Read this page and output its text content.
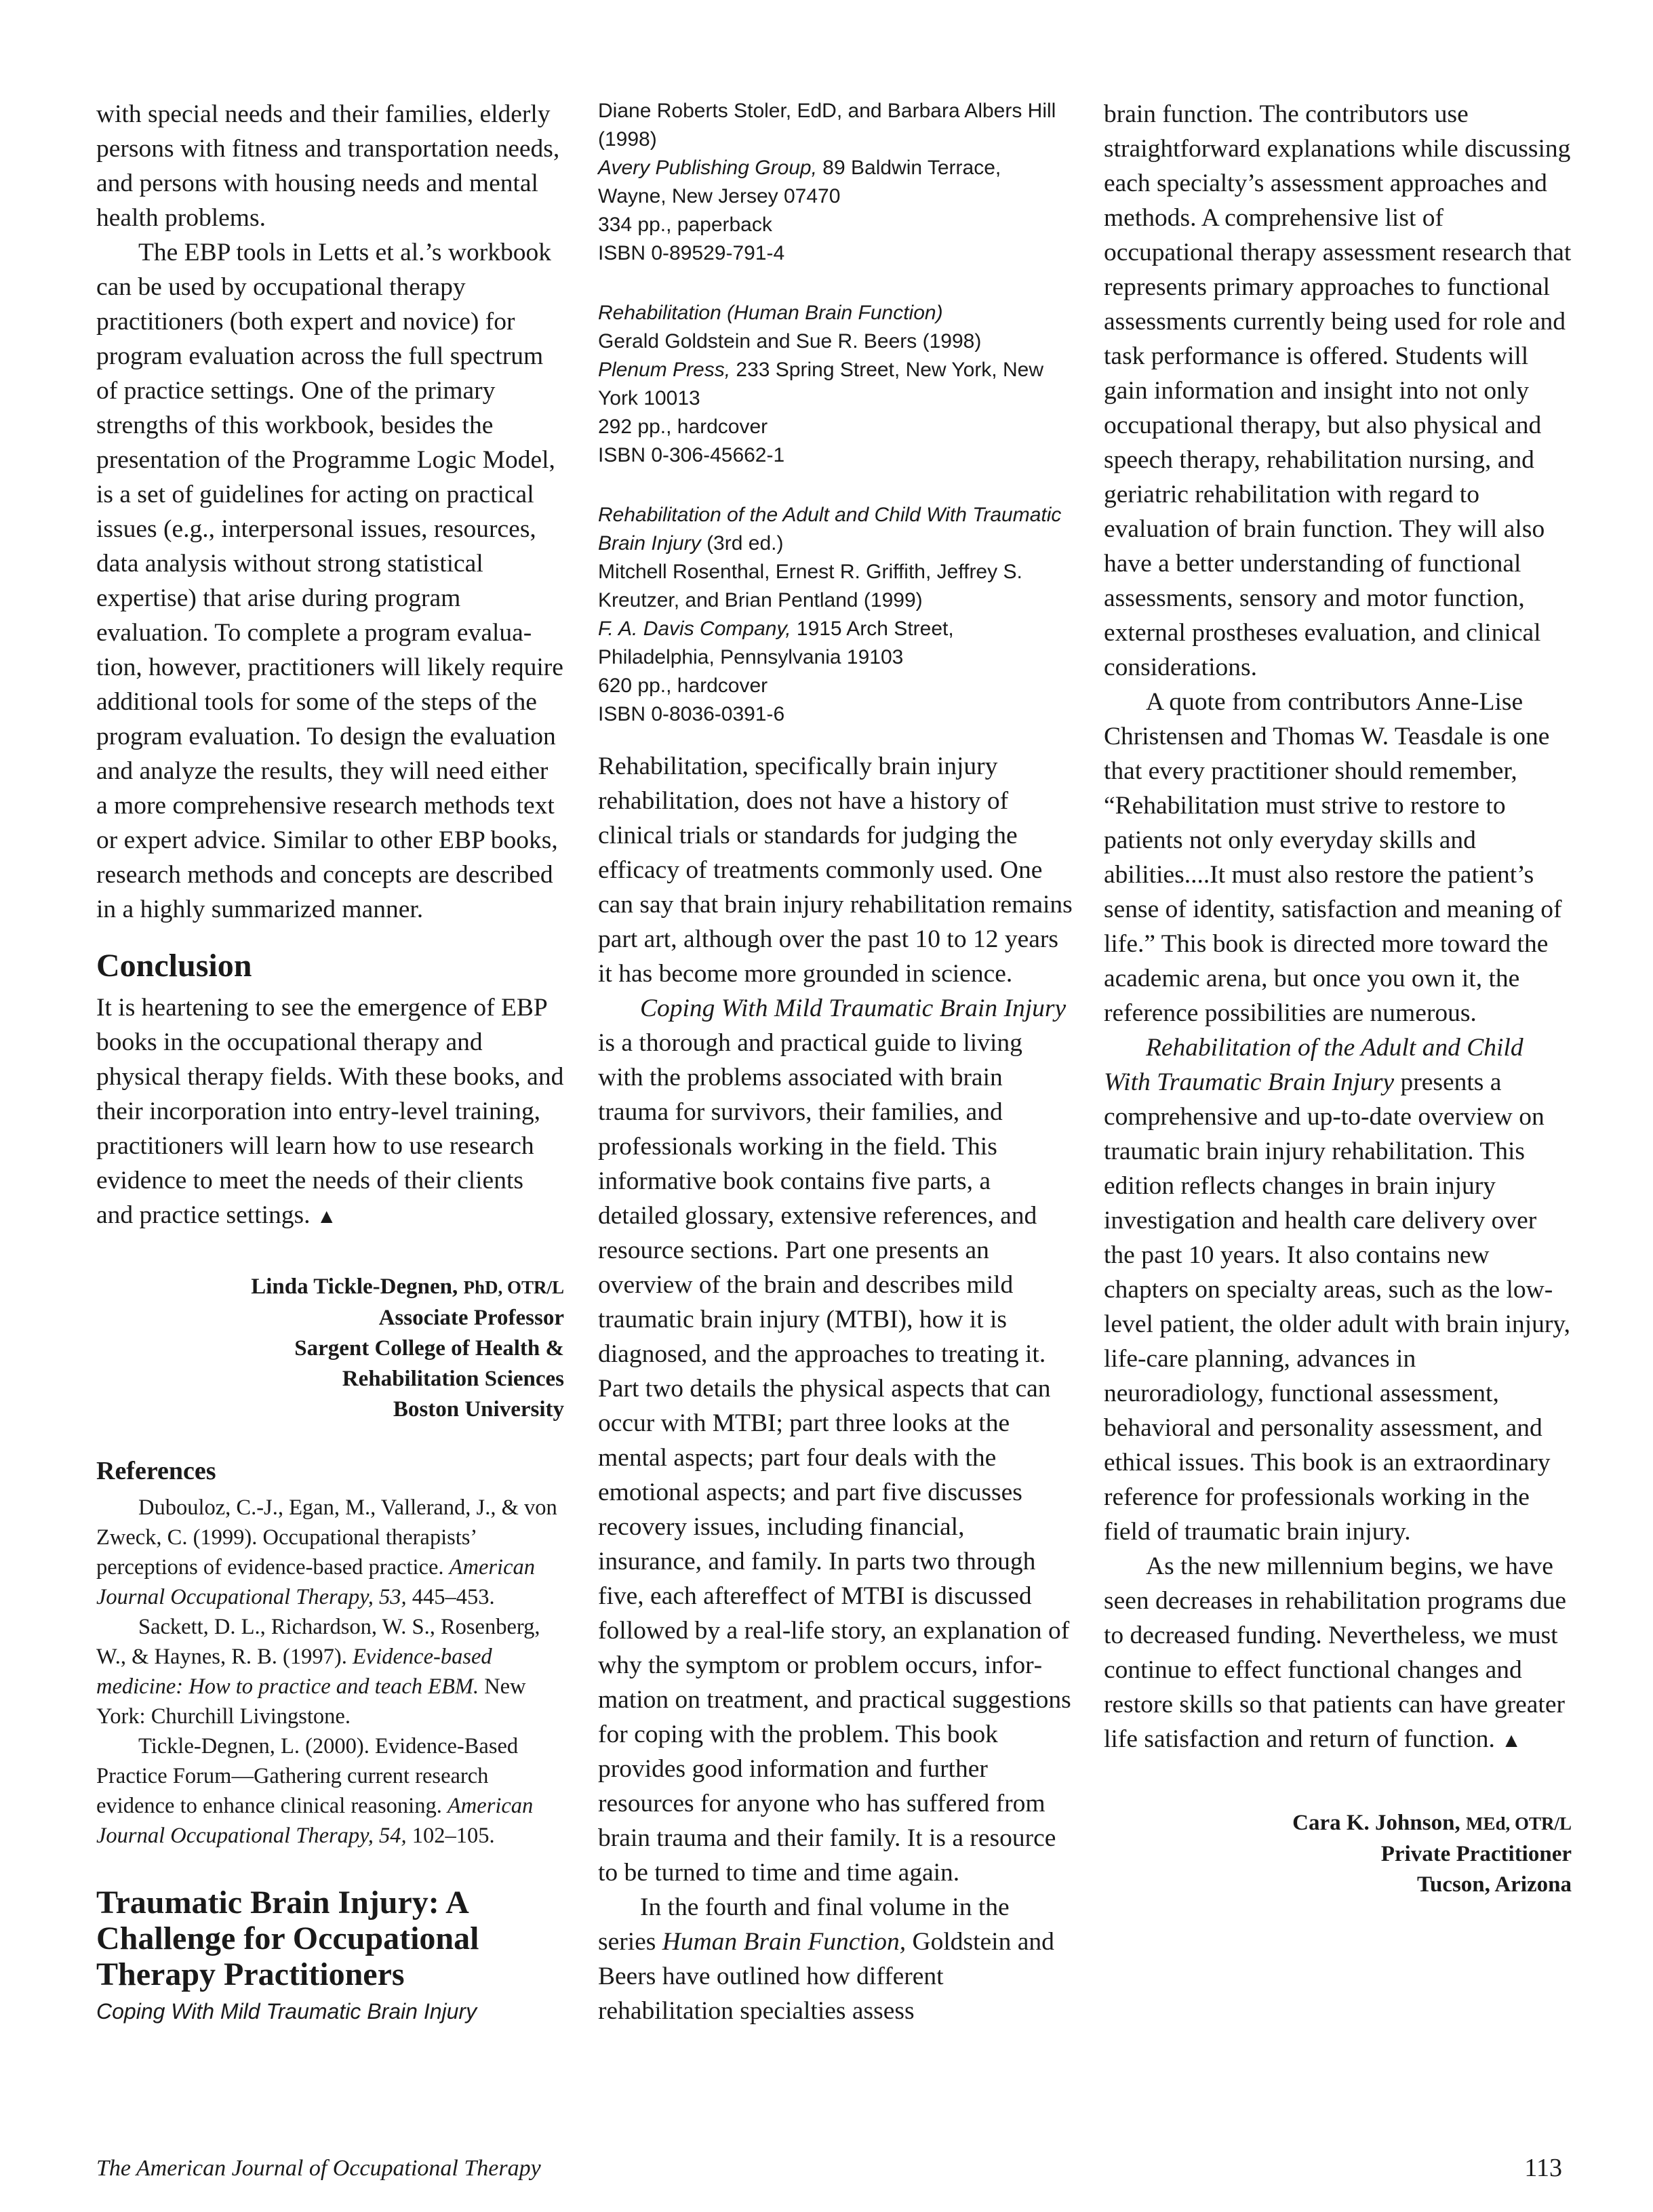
with special needs and their families, elderly persons with fitness and transportation needs, and persons with housing needs and mental health problems.

The EBP tools in Letts et al.’s workbook can be used by occupational therapy practitioners (both expert and novice) for program evaluation across the full spectrum of practice settings. One of the primary strengths of this workbook, besides the presentation of the Programme Logic Model, is a set of guidelines for acting on practical issues (e.g., interpersonal issues, resources, data analysis without strong statistical expertise) that arise during program evaluation. To complete a program evaluation, however, practitioners will likely require additional tools for some of the steps of the program evaluation. To design the evaluation and analyze the results, they will need either a more comprehensive research methods text or expert advice. Similar to other EBP books, research methods and concepts are described in a highly summarized manner.

Conclusion

It is heartening to see the emergence of EBP books in the occupational therapy and physical therapy fields. With these books, and their incorporation into entry-level training, practitioners will learn how to use research evidence to meet the needs of their clients and practice settings. ▲

Linda Tickle-Degnen, PhD, OTR/L
Associate Professor
Sargent College of Health &
Rehabilitation Sciences
Boston University
References

Dubouloz, C.-J., Egan, M., Vallerand, J., & von Zweck, C. (1999). Occupational therapists’ perceptions of evidence-based practice. American Journal Occupational Therapy, 53, 445–453.

Sackett, D. L., Richardson, W. S., Rosenberg, W., & Haynes, R. B. (1997). Evidence-based medicine: How to practice and teach EBM. New York: Churchill Livingstone.

Tickle-Degnen, L. (2000). Evidence-Based Practice Forum—Gathering current research evidence to enhance clinical reasoning. American Journal Occupational Therapy, 54, 102–105.

Traumatic Brain Injury: A Challenge for Occupational Therapy Practitioners
Coping With Mild Traumatic Brain Injury
Diane Roberts Stoler, EdD, and Barbara Albers Hill (1998)
Avery Publishing Group, 89 Baldwin Terrace, Wayne, New Jersey 07470
334 pp., paperback
ISBN 0-89529-791-4
Rehabilitation (Human Brain Function)
Gerald Goldstein and Sue R. Beers (1998)
Plenum Press, 233 Spring Street, New York, New York 10013
292 pp., hardcover
ISBN 0-306-45662-1
Rehabilitation of the Adult and Child With Traumatic Brain Injury (3rd ed.)
Mitchell Rosenthal, Ernest R. Griffith, Jeffrey S. Kreutzer, and Brian Pentland (1999)
F. A. Davis Company, 1915 Arch Street, Philadelphia, Pennsylvania 19103
620 pp., hardcover
ISBN 0-8036-0391-6

Rehabilitation, specifically brain injury rehabilitation, does not have a history of clinical trials or standards for judging the efficacy of treatments commonly used. One can say that brain injury rehabilitation remains part art, although over the past 10 to 12 years it has become more grounded in science.

Coping With Mild Traumatic Brain Injury is a thorough and practical guide to living with the problems associated with brain trauma for survivors, their families, and professionals working in the field. This informative book contains five parts, a detailed glossary, extensive references, and resource sections. Part one presents an overview of the brain and describes mild traumatic brain injury (MTBI), how it is diagnosed, and the approaches to treating it. Part two details the physical aspects that can occur with MTBI; part three looks at the mental aspects; part four deals with the emotional aspects; and part five discusses recovery issues, including financial, insurance, and family. In parts two through five, each aftereffect of MTBI is discussed followed by a real-life story, an explanation of why the symptom or problem occurs, information on treatment, and practical suggestions for coping with the problem. This book provides good information and further resources for anyone who has suffered from brain trauma and their family. It is a resource to be turned to time and time again.

In the fourth and final volume in the series Human Brain Function, Goldstein and Beers have outlined how different rehabilitation specialties assess

brain function. The contributors use straightforward explanations while discussing each specialty’s assessment approaches and methods. A comprehensive list of occupational therapy assessment research that represents primary approaches to functional assessments currently being used for role and task performance is offered. Students will gain information and insight into not only occupational therapy, but also physical and speech therapy, rehabilitation nursing, and geriatric rehabilitation with regard to evaluation of brain function. They will also have a better understanding of functional assessments, sensory and motor function, external prostheses evaluation, and clinical considerations.

A quote from contributors Anne-Lise Christensen and Thomas W. Teasdale is one that every practitioner should remember, “Rehabilitation must strive to restore to patients not only everyday skills and abilities....It must also restore the patient’s sense of identity, satisfaction and meaning of life.” This book is directed more toward the academic arena, but once you own it, the reference possibilities are numerous.

Rehabilitation of the Adult and Child With Traumatic Brain Injury presents a comprehensive and up-to-date overview on traumatic brain injury rehabilitation. This edition reflects changes in brain injury investigation and health care delivery over the past 10 years. It also contains new chapters on specialty areas, such as the low-level patient, the older adult with brain injury, life-care planning, advances in neuroradiology, functional assessment, behavioral and personality assessment, and ethical issues. This book is an extraordinary reference for professionals working in the field of traumatic brain injury.

As the new millennium begins, we have seen decreases in rehabilitation programs due to decreased funding. Nevertheless, we must continue to effect functional changes and restore skills so that patients can have greater life satisfaction and return of function. ▲

Cara K. Johnson, MEd, OTR/L
Private Practitioner
Tucson, Arizona
The American Journal of Occupational Therapy	113
